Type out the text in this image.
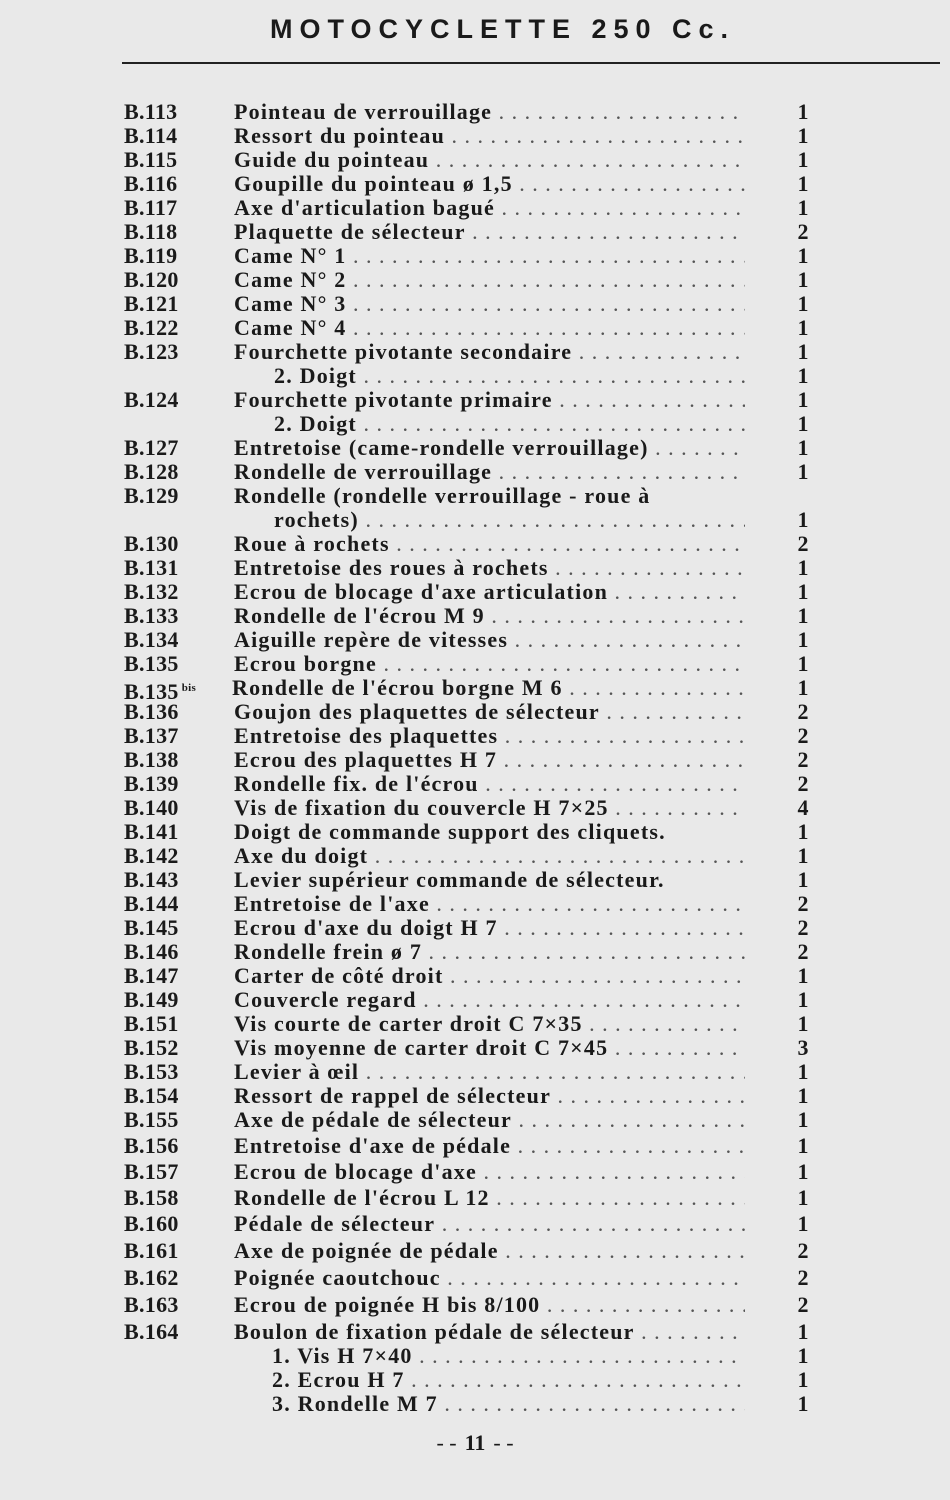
MOTOCYCLETTE 250 Cc.
B.113	Pointeau de verrouillage . . .	1
B.114	Ressort du pointeau . . .	1
B.115	Guide du pointeau . . .	1
B.116	Goupille du pointeau ø 1,5 . . .	1
B.117	Axe d'articulation bagué . . .	1
B.118	Plaquette de sélecteur . . .	2
B.119	Came N° 1 . . .	1
B.120	Came N° 2 . . .	1
B.121	Came N° 3 . . .	1
B.122	Came N° 4 . . .	1
B.123	Fourchette pivotante secondaire . . .	1
2. Doigt . . .	1
B.124	Fourchette pivotante primaire . . .	1
2. Doigt . . .	1
B.127	Entretoise (came-rondelle verrouillage) . . .	1
B.128	Rondelle de verrouillage . . .	1
B.129	Rondelle (rondelle verrouillage - roue à
rochets) . . .	1
B.130	Roue à rochets . . .	2
B.131	Entretoise des roues à rochets . . .	1
B.132	Ecrou de blocage d'axe articulation . . .	1
B.133	Rondelle de l'écrou M 9 . . .	1
B.134	Aiguille repère de vitesses . . .	1
B.135	Ecrou borgne . . .	1
B.135 $^{bis}$ Rondelle de l'écrou borgne M 6 . . .	1
B.136	Goujon des plaquettes de sélecteur . . .	2
B.137	Entretoise des plaquettes . . .	2
B.138	Ecrou des plaquettes H 7 . . .	2
B.139	Rondelle fix. de l'écrou . . .	2
B.140	Vis de fixation du couvercle H 7×25 . . .	4
B.141	Doigt de commande support des cliquets.	1
B.142	Axe du doigt . . .	1
B.143	Levier supérieur commande de sélecteur.	1
B.144	Entretoise de l'axe . . .	2
B.145	Ecrou d'axe du doigt H 7 . . .	2
B.146	Rondelle frein ø 7 . . .	2
B.147	Carter de côté droit . . .	1
B.149	Couvercle regard . . .	1
B.151	Vis courte de carter droit C 7×35 . . .	1
B.152	Vis moyenne de carter droit C 7×45 . . .	3
B.153	Levier à œil . . .	1
B.154	Ressort de rappel de sélecteur . . .	1
B.155	Axe de pédale de sélecteur . . .	1
B.156	Entretoise d'axe de pédale . . .	1
B.157	Ecrou de blocage d'axe . . .	1
B.158	Rondelle de l'écrou L 12 . . .	1
B.160	Pédale de sélecteur . . .	1
B.161	Axe de poignée de pédale . . .	2
B.162	Poignée caoutchouc . . .	2
B.163	Ecrou de poignée H bis 8/100 . . .	2
B.164	Boulon de fixation pédale de sélecteur . . .	1
1. Vis H 7×40 . . .	1
2. Ecrou H 7 . . .	1
3. Rondelle M 7 . . .	1
- - 11 - -
